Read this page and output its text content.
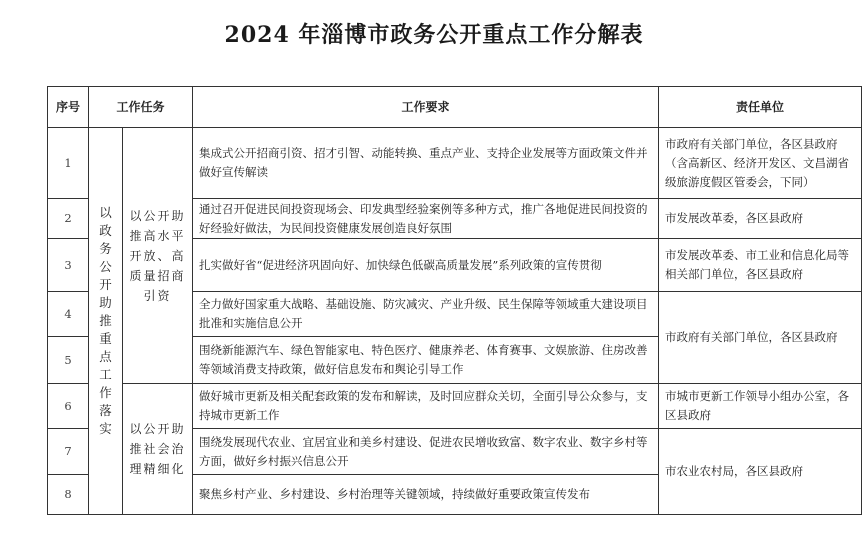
2024 年淄博市政务公开重点工作分解表
序号	工作任务		工作要求	责任单位
1	以政务公开助推重点工作落实	以公开助推高水平开放、高质量招商引资	集成式公开招商引资、招才引智、动能转换、重点产业、支持企业发展等方面政策文件并做好宣传解读	市政府有关部门单位，各区县政府（含高新区、经济开发区、文昌湖省级旅游度假区管委会，下同）
2			通过召开促进民间投资现场会、印发典型经验案例等多种方式，推广各地促进民间投资的好经验好做法，为民间投资健康发展创造良好氛围	市发展改革委，各区县政府
3			扎实做好省“促进经济巩固向好、加快绿色低碳高质量发展”系列政策的宣传贯彻	市发展改革委、市工业和信息化局等相关部门单位，各区县政府
4			全力做好国家重大战略、基础设施、防灾减灾、产业升级、民生保障等领域重大建设项目批准和实施信息公开	市政府有关部门单位，各区县政府
5			围绕新能源汽车、绿色智能家电、特色医疗、健康养老、体育赛事、文娱旅游、住房改善等领域消费支持政策，做好信息发布和舆论引导工作	
6		以公开助推社会治理精细化	做好城市更新及相关配套政策的发布和解读，及时回应群众关切，全面引导公众参与，支持城市更新工作	市城市更新工作领导小组办公室，各区县政府
7			围绕发展现代农业、宜居宜业和美乡村建设、促进农民增收致富、数字农业、数字乡村等方面，做好乡村振兴信息公开	市农业农村局，各区县政府
8			聚焦乡村产业、乡村建设、乡村治理等关键领域，持续做好重要政策宣传发布	
